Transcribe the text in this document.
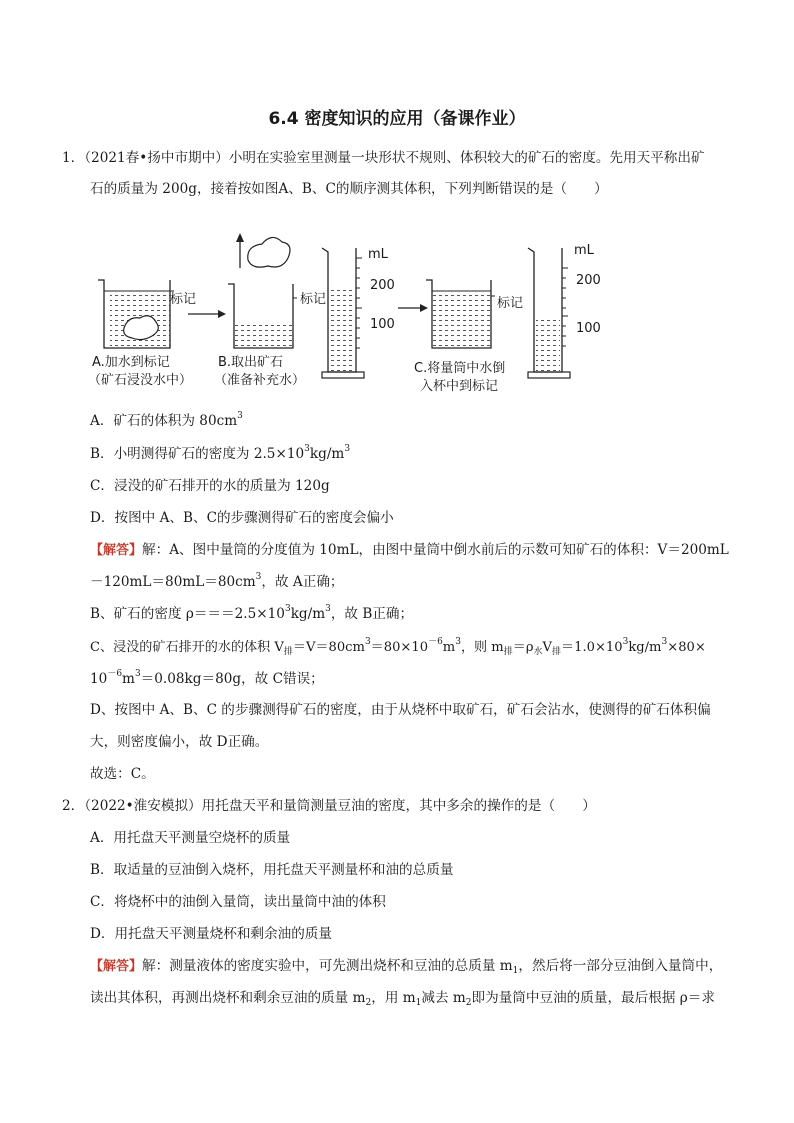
6.4 密度知识的应用（备课作业）
1．（2021春•扬中市期中）小明在实验室里测量一块形状不规则、体积较大的矿石的密度。先用天平称出矿
石的质量为 200g，接着按如图A、B、C的顺序测其体积，下列判断错误的是（　　）
标记	标记
mL
200
100
标记
mL
200
100
A.加水到标记
（矿石浸没水中）
B.取出矿石
（准备补充水）
C.将量筒中水倒
入杯中到标记
A．矿石的体积为 $80cm^3$
B．小明测得矿石的密度为 $2.5\times 10^3kg/m^3$
C．浸没的矿石排开的水的质量为 120g
D．按图中 A、B、C的步骤测得矿石的密度会偏小
【解答】解：A、图中量筒的分度值为 10mL，由图中量筒中倒水前后的示数可知矿石的体积：V＝200mL
$-120mL=80mL=80cm^3$，故 A正确；
B、矿石的密度 $\rho===2.5\times 10^3kg/m^3$，故 B正确；
C、浸没的矿石排开的水的体积 $V_排=V=80cm^3=80\times 10^{-6}m^3$，则 $m_排=\rho_水V_排=1.0\times 10^3kg/m^3\times 80\times$
$10^{-6}m^3=0.08kg=80g$，故 C错误；
D、按图中 A、B、C 的步骤测得矿石的密度，由于从烧杯中取矿石，矿石会沾水，使测得的矿石体积偏
大，则密度偏小，故 D正确。
故选：C。
2．（2022•淮安模拟）用托盘天平和量筒测量豆油的密度，其中多余的操作的是（　　）
A．用托盘天平测量空烧杯的质量
B．取适量的豆油倒入烧杯，用托盘天平测量杯和油的总质量
C．将烧杯中的油倒入量筒，读出量筒中油的体积
D．用托盘天平测量烧杯和剩余油的质量
【解答】解：测量液体的密度实验中，可先测出烧杯和豆油的总质量 $m_1$，然后将一部分豆油倒入量筒中，
读出其体积，再测出烧杯和剩余豆油的质量 $m_2$，用 $m_1$减去 $m_2$即为量筒中豆油的质量，最后根据 ρ＝求
